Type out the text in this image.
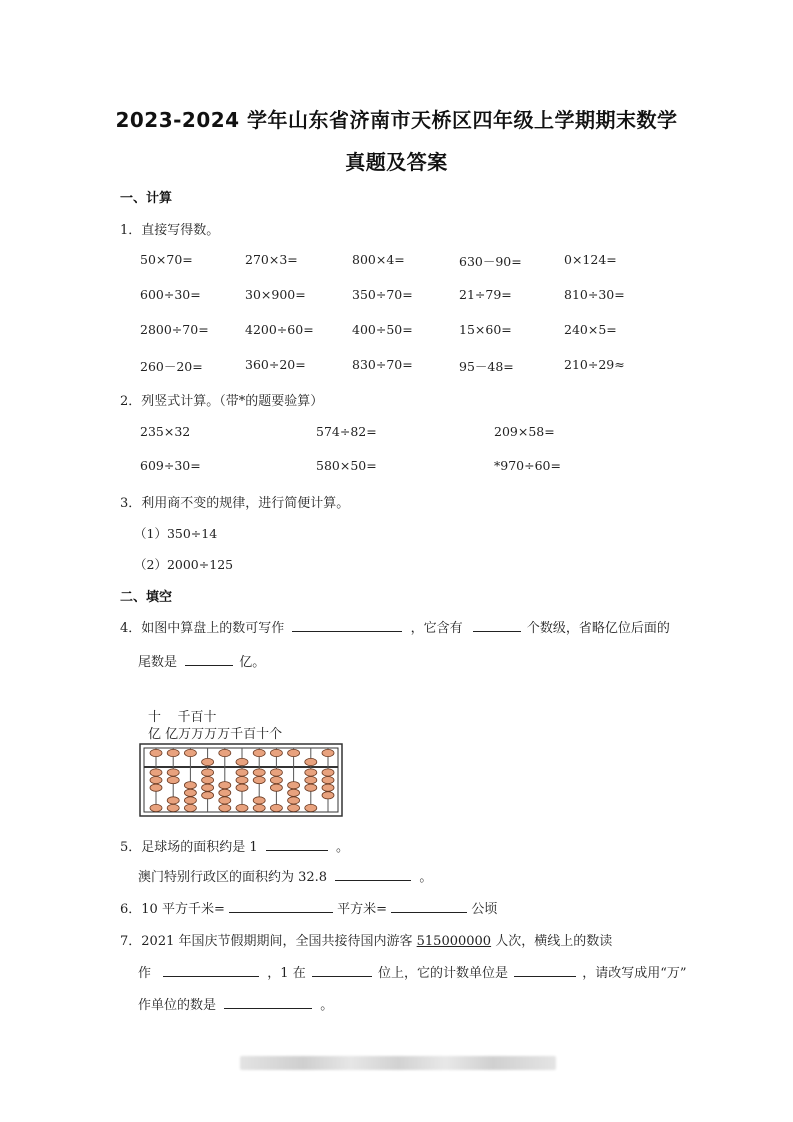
2023-2024 学年山东省济南市天桥区四年级上学期期末数学
真题及答案
一、计算
1．直接写得数。
50×70=	270×3=	800×4=	630－90=	0×124=
600÷30=	30×900=	350÷70=	21÷79=	810÷30=
2800÷70=	4200÷60=	400÷50=	15×60=	240×5=
260－20=	360÷20=	830÷70=	95－48=	210÷29≈
2．列竖式计算。（带*的题要验算）
235×32	574÷82=	209×58=
609÷30=	580×50=	*970÷60=
3．利用商不变的规律，进行简便计算。
（1）350÷14
（2）2000÷125
二、填空
4．如图中算盘上的数可写作	，它含有	个数级，省略亿位后面的
尾数是	亿。
十    千百十
亿 亿万万万万千百十个
5．足球场的面积约是 1	。
澳门特别行政区的面积约为 32.8	。
6．10 平方千米=	平方米=	公顷
7．2021 年国庆节假期期间，全国共接待国内游客 515000000 人次，横线上的数读
作	，1 在	位上，它的计数单位是	，请改写成用“万”
作单位的数是	。
